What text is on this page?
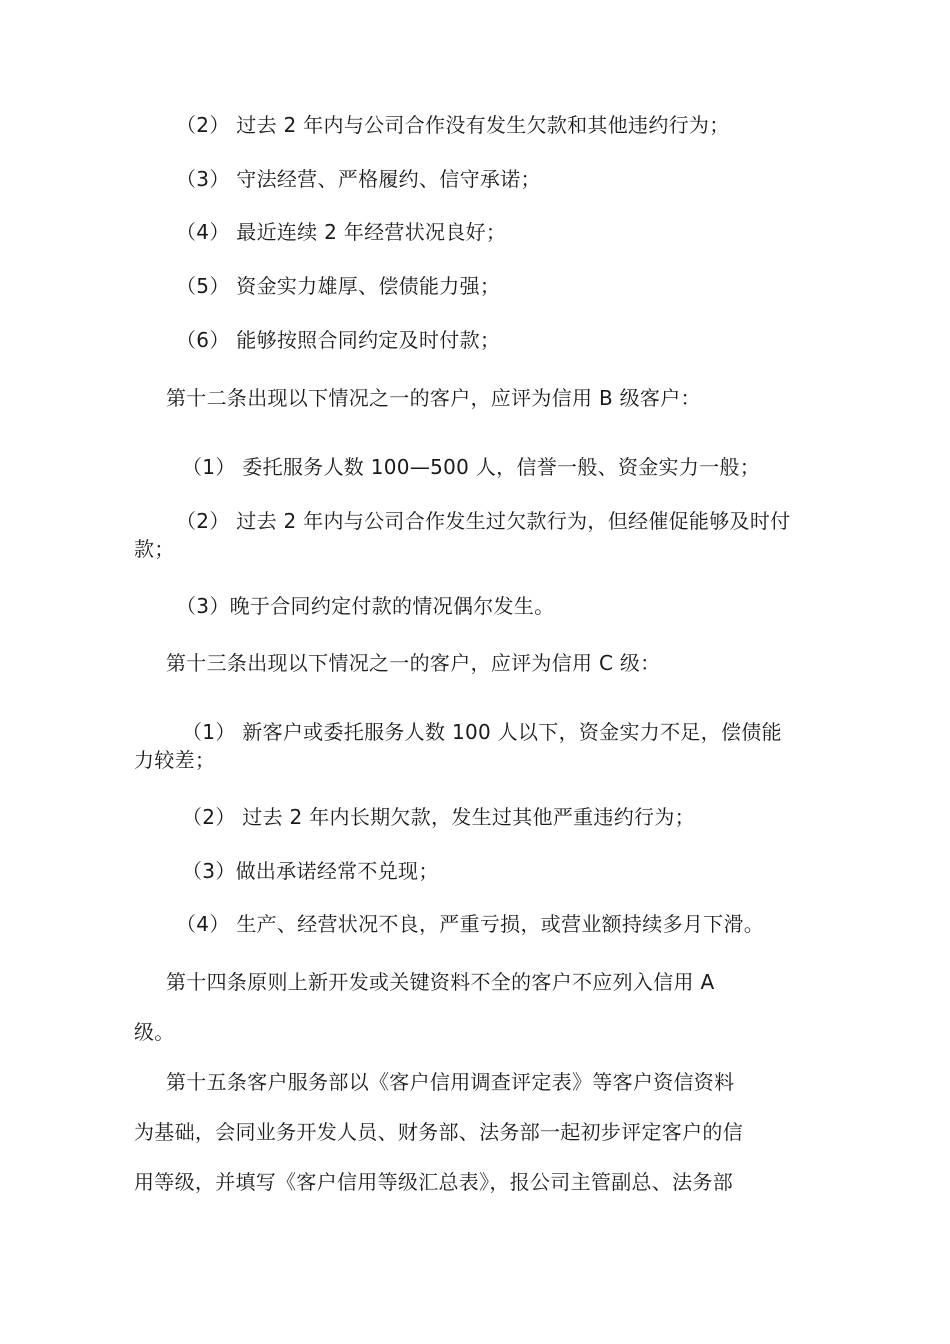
（2） 过去 2 年内与公司合作没有发生欠款和其他违约行为；
（3） 守法经营、严格履约、信守承诺；
（4） 最近连续 2 年经营状况良好；
（5） 资金实力雄厚、偿债能力强；
（6） 能够按照合同约定及时付款；
第十二条出现以下情况之一的客户，应评为信用 B 级客户：
（1） 委托服务人数 100—500 人，信誉一般、资金实力一般；
（2） 过去 2 年内与公司合作发生过欠款行为，但经催促能够及时付
款；
（3）晚于合同约定付款的情况偶尔发生。
第十三条出现以下情况之一的客户，应评为信用 C 级：
（1） 新客户或委托服务人数 100 人以下，资金实力不足，偿债能
力较差；
（2） 过去 2 年内长期欠款，发生过其他严重违约行为；
（3）做出承诺经常不兑现；
（4） 生产、经营状况不良，严重亏损，或营业额持续多月下滑。
第十四条原则上新开发或关键资料不全的客户不应列入信用 A
级。
第十五条客户服务部以《客户信用调查评定表》等客户资信资料
为基础，会同业务开发人员、财务部、法务部一起初步评定客户的信
用等级，并填写《客户信用等级汇总表》，报公司主管副总、法务部
